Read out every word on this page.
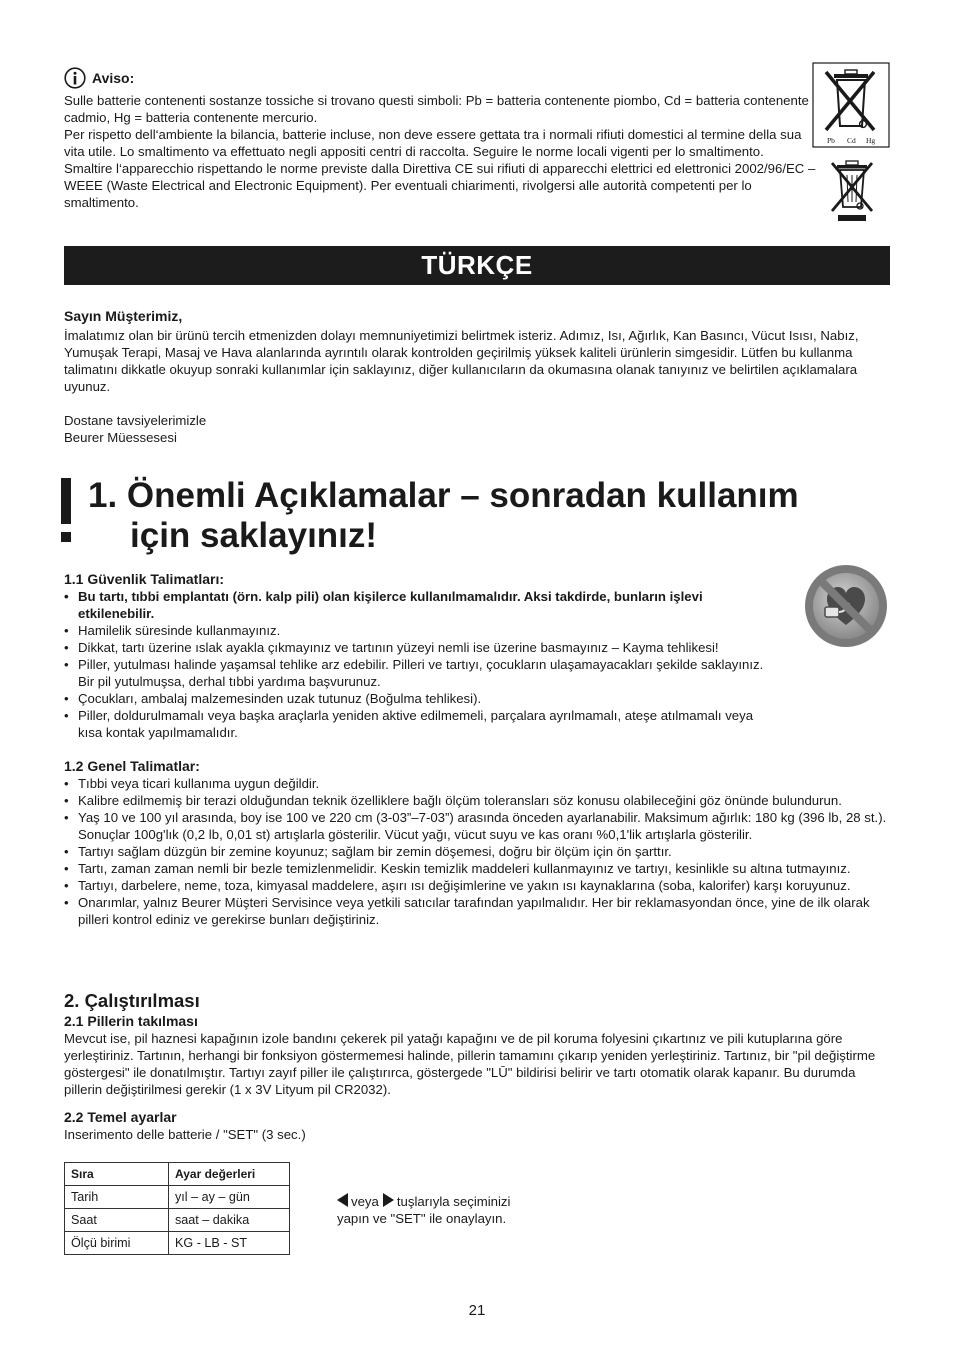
Aviso:

Sulle batterie contenenti sostanze tossiche si trovano questi simboli: Pb = batteria contenente piombo, Cd = batteria contenente cadmio, Hg = batteria contenente mercurio.
Per rispetto dell‘ambiente la bilancia, batterie incluse, non deve essere gettata tra i normali rifiuti domestici al termine della sua vita utile. Lo smaltimento va effettuato negli appositi centri di raccolta. Seguire le norme locali vigenti per lo smaltimento.
Smaltire l‘apparecchio rispettando le norme previste dalla Direttiva CE sui rifiuti di apparecchi elettrici ed elettronici 2002/96/EC – WEEE (Waste Electrical and Electronic Equipment). Per eventuali chiarimenti, rivolgersi alle autorità competenti per lo smaltimento.

Pb Cd Hg
TÜRKÇE

Sayın Müşterimiz,

İmalatımız olan bir ürünü tercih etmenizden dolayı memnuniyetimizi belirtmek isteriz. Adımız, Isı, Ağırlık, Kan Basıncı, Vücut Isısı, Nabız, Yumuşak Terapi, Masaj ve Hava alanlarında ayrıntılı olarak kontrolden geçirilmiş yüksek kaliteli ürünlerin simgesidir. Lütfen bu kullanma talimatını dikkatle okuyup sonraki kullanımlar için saklayınız, diğer kullanıcıların da okumasına olanak tanıyınız ve belirtilen açıklamalara uyunuz.

Dostane tavsiyelerimizle

Beurer Müessesesi

1. Önemli Açıklamalar – sonradan kullanım
için saklayınız!

1.1 Güvenlik Talimatları:

• Bu tartı, tıbbi emplantatı (örn. kalp pili) olan kişilerce kullanılmamalıdır. Aksi takdirde, bunların işlevi etkilenebilir.
• Hamilelik süresinde kullanmayınız.
• Dikkat, tartı üzerine ıslak ayakla çıkmayınız ve tartının yüzeyi nemli ise üzerine basmayınız – Kayma tehlikesi!
• Piller, yutulması halinde yaşamsal tehlike arz edebilir. Pilleri ve tartıyı, çocukların ulaşamayacakları şekilde saklayınız. Bir pil yutulmuşsa, derhal tıbbi yardıma başvurunuz.
• Çocukları, ambalaj malzemesinden uzak tutunuz (Boğulma tehlikesi).
• Piller, doldurulmamalı veya başka araçlarla yeniden aktive edilmemeli, parçalara ayrılmamalı, ateşe atılmamalı veya kısa kontak yapılmamalıdır.

1.2 Genel Talimatlar:

• Tıbbi veya ticari kullanıma uygun değildir.
• Kalibre edilmemiş bir terazi olduğundan teknik özelliklere bağlı ölçüm toleransları söz konusu olabileceğini göz önünde bulundurun.
• Yaş 10 ve 100 yıl arasında, boy ise 100 ve 220 cm (3-03”–7-03”) arasında önceden ayarlanabilir. Maksimum ağırlık: 180 kg (396 lb, 28 st.). Sonuçlar 100g'lık (0,2 lb, 0,01 st) artışlarla gösterilir. Vücut yağı, vücut suyu ve kas oranı %0,1'lik artışlarla gösterilir.
• Tartıyı sağlam düzgün bir zemine koyunuz; sağlam bir zemin döşemesi, doğru bir ölçüm için ön şarttır.
• Tartı, zaman zaman nemli bir bezle temizlenmelidir. Keskin temizlik maddeleri kullanmayınız ve tartıyı, kesinlikle su altına tutmayınız.
• Tartıyı, darbelere, neme, toza, kimyasal maddelere, aşırı ısı değişimlerine ve yakın ısı kaynaklarına (soba, kalorifer) karşı koruyunuz.
• Onarımlar, yalnız Beurer Müşteri Servisince veya yetkili satıcılar tarafından yapılmalıdır. Her bir reklamasyondan önce, yine de ilk olarak pilleri kontrol ediniz ve gerekirse bunları değiştiriniz.

2. Çalıştırılması

2.1 Pillerin takılması

Mevcut ise, pil haznesi kapağının izole bandını çekerek pil yatağı kapağını ve de pil koruma folyesini çıkartınız ve pili kutuplarına göre yerleştiriniz. Tartının, herhangi bir fonksiyon göstermemesi halinde, pillerin tamamını çıkarıp yeniden yerleştiriniz. Tartınız, bir "pil değiştirme göstergesi" ile donatılmıştır. Tartıyı zayıf piller ile çalıştırırca, göstergede "LŪ" bildirisi belirir ve tartı otomatik olarak kapanır. Bu durumda pillerin değiştirilmesi gerekir (1 x 3V Lityum pil CR2032).

2.2 Temel ayarlar

Inserimento delle batterie / "SET" (3 sec.)

Sıra	Ayar değerleri
Tarih	yıl – ay – gün
Saat	saat – dakika
Ölçü birimi	KG - LB - ST
veya tuşlarıyla seçiminizi
yapın ve "SET" ile onaylayın.
21
